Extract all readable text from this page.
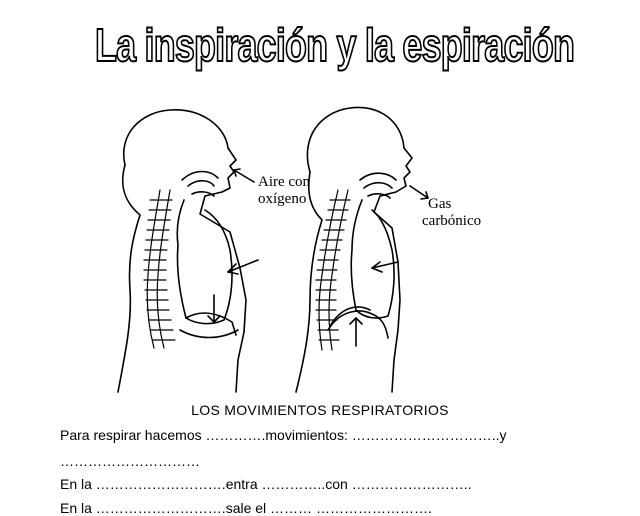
La inspiración y la espiración
Aire con
oxígeno	Gas
carbónico
LOS MOVIMIENTOS RESPIRATORIOS
Para respirar hacemos ………….movimientos: …………………………..y
…………………………
En la ……………………….entra …………..con ……………………..
En la ……………………….sale el ……… …………………….
